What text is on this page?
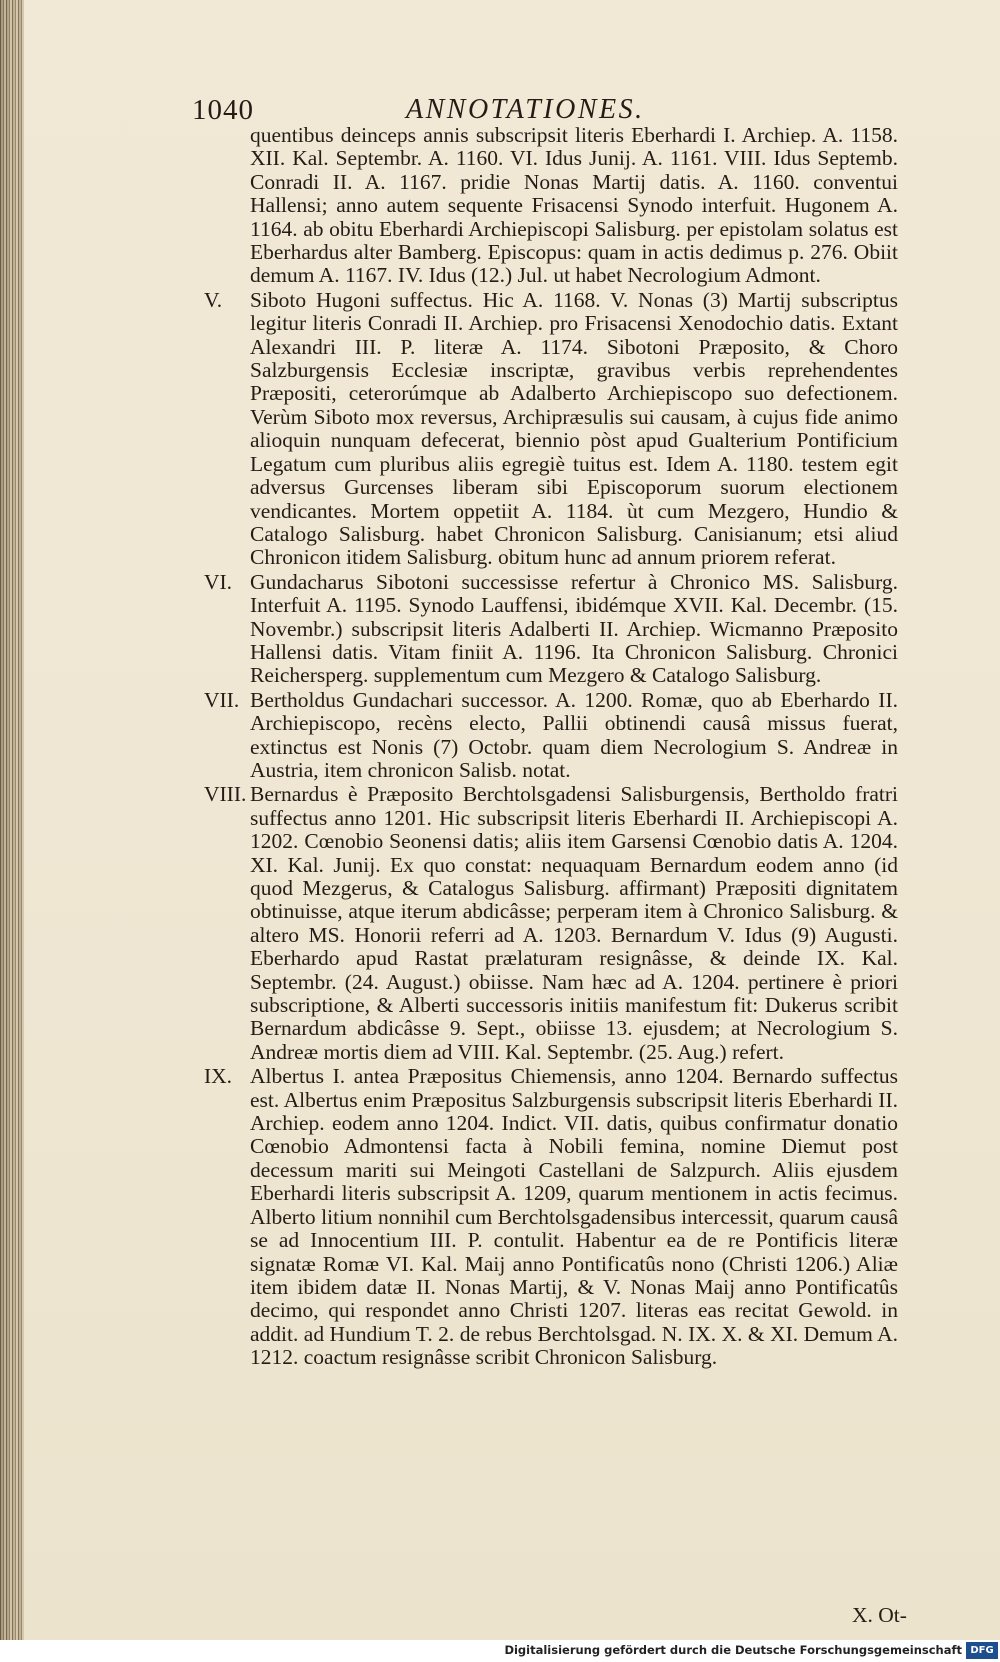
1040	ANNOTATIONES.

quentibus deinceps annis subscripsit literis Eberhardi I. Archiep. A. 1158. XII. Kal. Septembr. A. 1160. VI. Idus Junij. A. 1161. VIII. Idus Septemb. Conradi II. A. 1167. pridie Nonas Martij datis. A. 1160. conventui Hallensi; anno autem sequente Frisacensi Synodo interfuit. Hugonem A. 1164. ab obitu Eberhardi Archiepiscopi Salisburg. per epistolam solatus est Eberhardus alter Bamberg. Episcopus: quam in actis dedimus p. 276. Obiit demum A. 1167. IV. Idus (12.) Jul. ut habet Necrologium Admont.

V. Siboto Hugoni suffectus. Hic A. 1168. V. Nonas (3) Martij subscriptus legitur literis Conradi II. Archiep. pro Frisacensi Xenodochio datis. Extant Alexandri III. P. literæ A. 1174. Sibotoni Præposito, & Choro Salzburgensis Ecclesiæ inscriptæ, gravibus verbis reprehendentes Præpositi, ceterorúmque ab Adalberto Archiepiscopo suo defectionem. Verùm Siboto mox reversus, Archipræsulis sui causam, à cujus fide animo alioquin nunquam defecerat, biennio pòst apud Gualterium Pontificium Legatum cum pluribus aliis egregiè tuitus est. Idem A. 1180. testem egit adversus Gurcenses liberam sibi Episcoporum suorum electionem vendicantes. Mortem oppetiit A. 1184. ùt cum Mezgero, Hundio & Catalogo Salisburg. habet Chronicon Salisburg. Canisianum; etsi aliud Chronicon itidem Salisburg. obitum hunc ad annum priorem referat.

VI. Gundacharus Sibotoni successisse refertur à Chronico MS. Salisburg. Interfuit A. 1195. Synodo Lauffensi, ibidémque XVII. Kal. Decembr. (15. Novembr.) subscripsit literis Adalberti II. Archiep. Wicmanno Præposito Hallensi datis. Vitam finiit A. 1196. Ita Chronicon Salisburg. Chronici Reichersperg. supplementum cum Mezgero & Catalogo Salisburg.

VII. Bertholdus Gundachari successor. A. 1200. Romæ, quo ab Eberhardo II. Archiepiscopo, recèns electo, Pallii obtinendi causâ missus fuerat, extinctus est Nonis (7) Octobr. quam diem Necrologium S. Andreæ in Austria, item chronicon Salisb. notat.

VIII. Bernardus è Præposito Berchtolsgadensi Salisburgensis, Bertholdo fratri suffectus anno 1201. Hic subscripsit literis Eberhardi II. Archiepiscopi A. 1202. Cœnobio Seonensi datis; aliis item Garsensi Cœnobio datis A. 1204. XI. Kal. Junij. Ex quo constat: nequaquam Bernardum eodem anno (id quod Mezgerus, & Catalogus Salisburg. affirmant) Præpositi dignitatem obtinuisse, atque iterum abdicâsse; perperam item à Chronico Salisburg. & altero MS. Honorii referri ad A. 1203. Bernardum V. Idus (9) Augusti. Eberhardo apud Rastat prælaturam resignâsse, & deinde IX. Kal. Septembr. (24. August.) obiisse. Nam hæc ad A. 1204. pertinere è priori subscriptione, & Alberti successoris initiis manifestum fit: Dukerus scribit Bernardum abdicâsse 9. Sept., obiisse 13. ejusdem; at Necrologium S. Andreæ mortis diem ad VIII. Kal. Septembr. (25. Aug.) refert.

IX. Albertus I. antea Præpositus Chiemensis, anno 1204. Bernardo suffectus est. Albertus enim Præpositus Salzburgensis subscripsit literis Eberhardi II. Archiep. eodem anno 1204. Indict. VII. datis, quibus confirmatur donatio Cœnobio Admontensi facta à Nobili femina, nomine Diemut post decessum mariti sui Meingoti Castellani de Salzpurch. Aliis ejusdem Eberhardi literis subscripsit A. 1209, quarum mentionem in actis fecimus. Alberto litium nonnihil cum Berchtolsgadensibus intercessit, quarum causâ se ad Innocentium III. P. contulit. Habentur ea de re Pontificis literæ signatæ Romæ VI. Kal. Maij anno Pontificatûs nono (Christi 1206.) Aliæ item ibidem datæ II. Nonas Martij, & V. Nonas Maij anno Pontificatûs decimo, qui respondet anno Christi 1207. literas eas recitat Gewold. in addit. ad Hundium T. 2. de rebus Berchtolsgad. N. IX. X. & XI. Demum A. 1212. coactum resignâsse scribit Chronicon Salisburg.

X. Ot-
Digitalisierung gefördert durch die Deutsche Forschungsgemeinschaft DFG
